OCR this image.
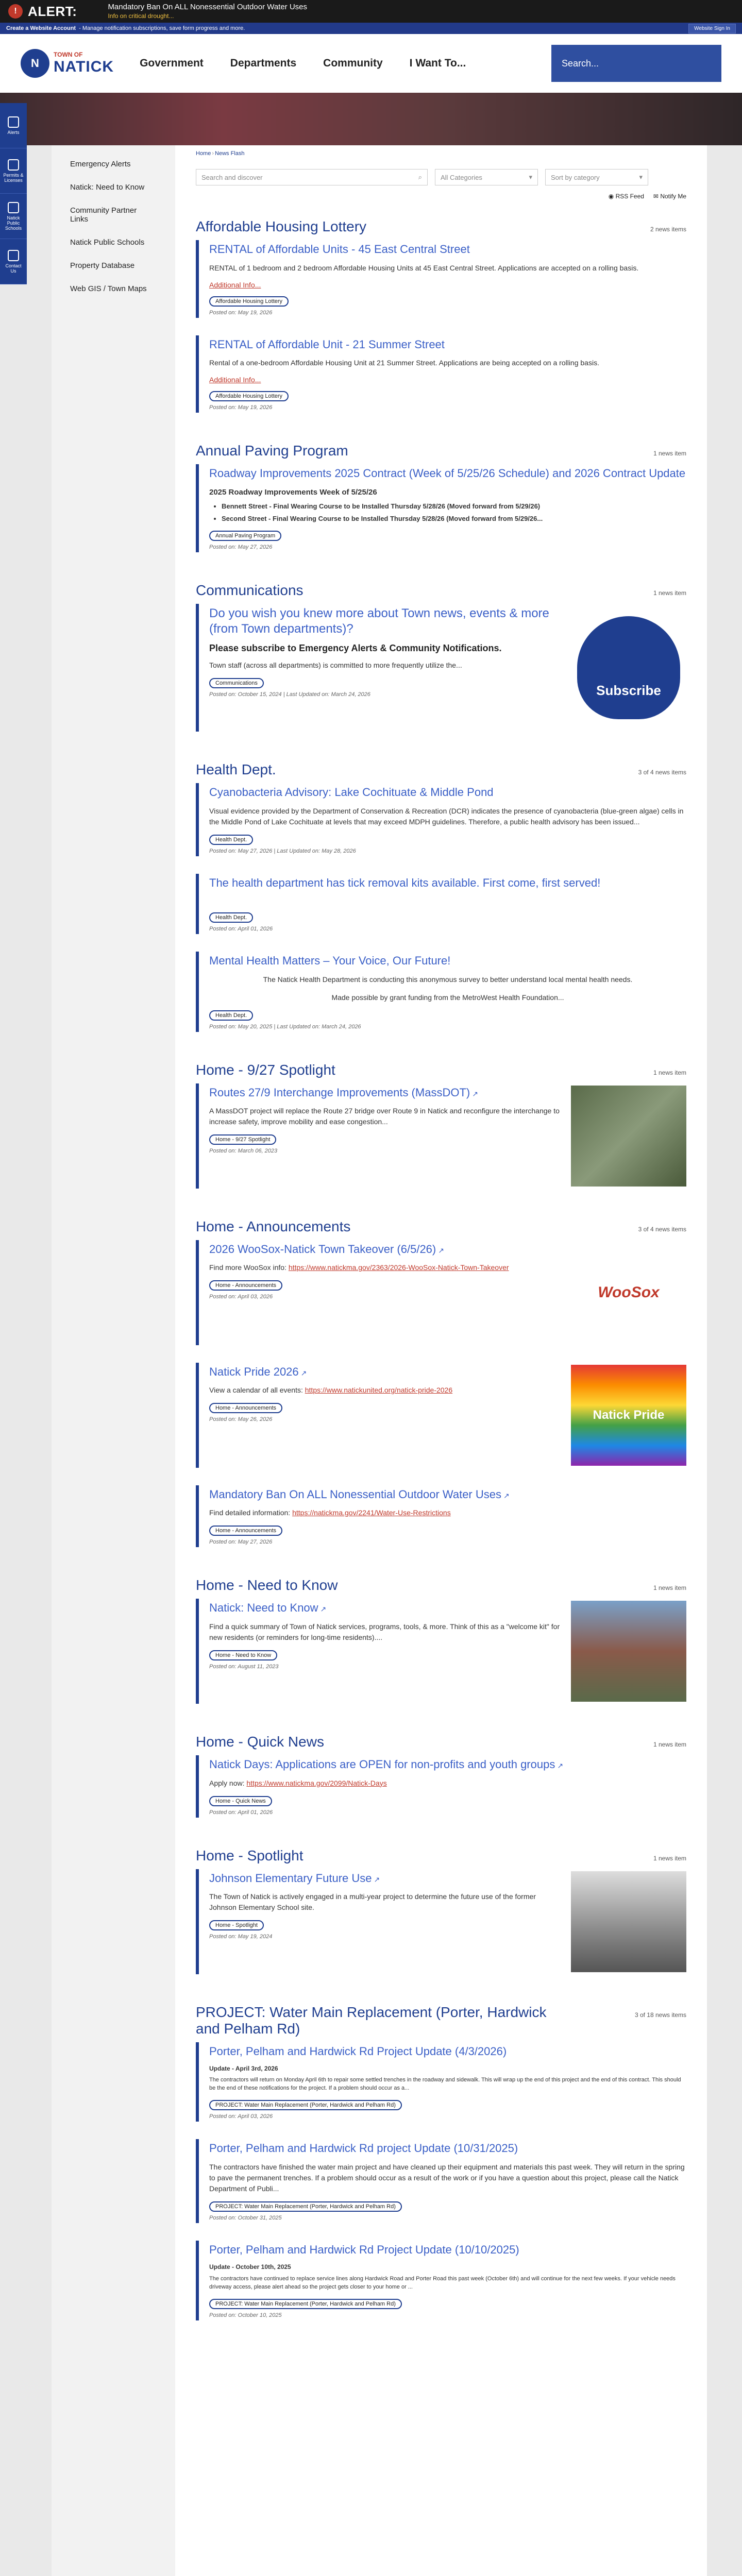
! ALERT:	Mandatory Ban On ALL Nonessential Outdoor Water Uses
Info on critical drought...
Create a Website Account - Manage notification subscriptions, save form progress and more.	Website Sign In
N
TOWN OF
NATICK Government Departments Community I Want To...	Search...
Alerts
Permits & Licenses
Natick Public Schools
Contact Us
Emergency Alerts
Natick: Need to Know
Community Partner Links
Natick Public Schools
Property Database
Web GIS / Town Maps
Home › News Flash
Search and discover	⌕	All Categories	▾	Sort by category	▾
◉ RSS Feed ✉ Notify Me
Affordable Housing Lottery	2 news items
RENTAL of Affordable Units - 45 East Central Street
RENTAL of 1 bedroom and 2 bedroom Affordable Housing Units at 45 East Central Street. Applications are accepted on a rolling basis.
Additional Info...
Affordable Housing Lottery
Posted on: May 19, 2026
RENTAL of Affordable Unit - 21 Summer Street
Rental of a one-bedroom Affordable Housing Unit at 21 Summer Street. Applications are being accepted on a rolling basis.
Additional Info...
Affordable Housing Lottery
Posted on: May 19, 2026
Annual Paving Program	1 news item
Roadway Improvements 2025 Contract (Week of 5/25/26 Schedule) and 2026 Contract Update
2025 Roadway Improvements Week of 5/25/26
• Bennett Street - Final Wearing Course to be Installed Thursday 5/28/26 (Moved forward from 5/29/26)
• Second Street - Final Wearing Course to be Installed Thursday 5/28/26 (Moved forward from 5/29/26...
Annual Paving Program
Posted on: May 27, 2026
Communications	1 news item
Do you wish you knew more about Town news, events & more (from Town departments)?
Please subscribe to Emergency Alerts & Community Notifications.
Town staff (across all departments) is committed to more frequently utilize the...
Communications
Posted on: October 15, 2024 | Last Updated on: March 24, 2026	Subscribe
Health Dept.	3 of 4 news items
Cyanobacteria Advisory: Lake Cochituate & Middle Pond
Visual evidence provided by the Department of Conservation & Recreation (DCR) indicates the presence of cyanobacteria (blue-green algae) cells in the Middle Pond of Lake Cochituate at levels that may exceed MDPH guidelines. Therefore, a public health advisory has been issued...
Health Dept.
Posted on: May 27, 2026 | Last Updated on: May 28, 2026
The health department has tick removal kits available. First come, first served!
Health Dept.
Posted on: April 01, 2026
Mental Health Matters – Your Voice, Our Future!
The Natick Health Department is conducting this anonymous survey to better understand local mental health needs.
Made possible by grant funding from the MetroWest Health Foundation...
Health Dept.
Posted on: May 20, 2025 | Last Updated on: March 24, 2026
Home - 9/27 Spotlight	1 news item
Routes 27/9 Interchange Improvements (MassDOT) ↗
A MassDOT project will replace the Route 27 bridge over Route 9 in Natick and reconfigure the interchange to increase safety, improve mobility and ease congestion...
Home - 9/27 Spotlight
Posted on: March 06, 2023
Home - Announcements	3 of 4 news items
2026 WooSox-Natick Town Takeover (6/5/26) ↗
Find more WooSox info: https://www.natickma.gov/2363/2026-WooSox-Natick-Town-Takeover
Home - Announcements
Posted on: April 03, 2026	WooSox
Natick Pride 2026 ↗
View a calendar of all events: https://www.natickunited.org/natick-pride-2026
Home - Announcements
Posted on: May 26, 2026	Natick Pride
Mandatory Ban On ALL Nonessential Outdoor Water Uses ↗
Find detailed information: https://natickma.gov/2241/Water-Use-Restrictions
Home - Announcements
Posted on: May 27, 2026
Home - Need to Know	1 news item
Natick: Need to Know ↗
Find a quick summary of Town of Natick services, programs, tools, & more. Think of this as a "welcome kit" for new residents (or reminders for long-time residents)....
Home - Need to Know
Posted on: August 11, 2023
Home - Quick News	1 news item
Natick Days: Applications are OPEN for non-profits and youth groups ↗
Apply now: https://www.natickma.gov/2099/Natick-Days
Home - Quick News
Posted on: April 01, 2026
Home - Spotlight	1 news item
Johnson Elementary Future Use ↗
The Town of Natick is actively engaged in a multi-year project to determine the future use of the former Johnson Elementary School site.
Home - Spotlight
Posted on: May 19, 2024
PROJECT: Water Main Replacement (Porter, Hardwick and Pelham Rd)
3 of 18 news items
Porter, Pelham and Hardwick Rd Project Update (4/3/2026)
Update - April 3rd, 2026
The contractors will return on Monday April 6th to repair some settled trenches in the roadway and sidewalk. This will wrap up the end of this project and the end of this contract. This should be the end of these notifications for the project. If a problem should occur as a...
PROJECT: Water Main Replacement (Porter, Hardwick and Pelham Rd)
Posted on: April 03, 2026
Porter, Pelham and Hardwick Rd project Update (10/31/2025)
The contractors have finished the water main project and have cleaned up their equipment and materials this past week. They will return in the spring to pave the permanent trenches. If a problem should occur as a result of the work or if you have a question about this project, please call the Natick Department of Publi...
PROJECT: Water Main Replacement (Porter, Hardwick and Pelham Rd)
Posted on: October 31, 2025
Porter, Pelham and Hardwick Rd Project Update (10/10/2025)
Update - October 10th, 2025
The contractors have continued to replace service lines along Hardwick Road and Porter Road this past week (October 6th) and will continue for the next few weeks. If your vehicle needs driveway access, please alert ahead so the project gets closer to your home or ...
PROJECT: Water Main Replacement (Porter, Hardwick and Pelham Rd)
Posted on: October 10, 2025
